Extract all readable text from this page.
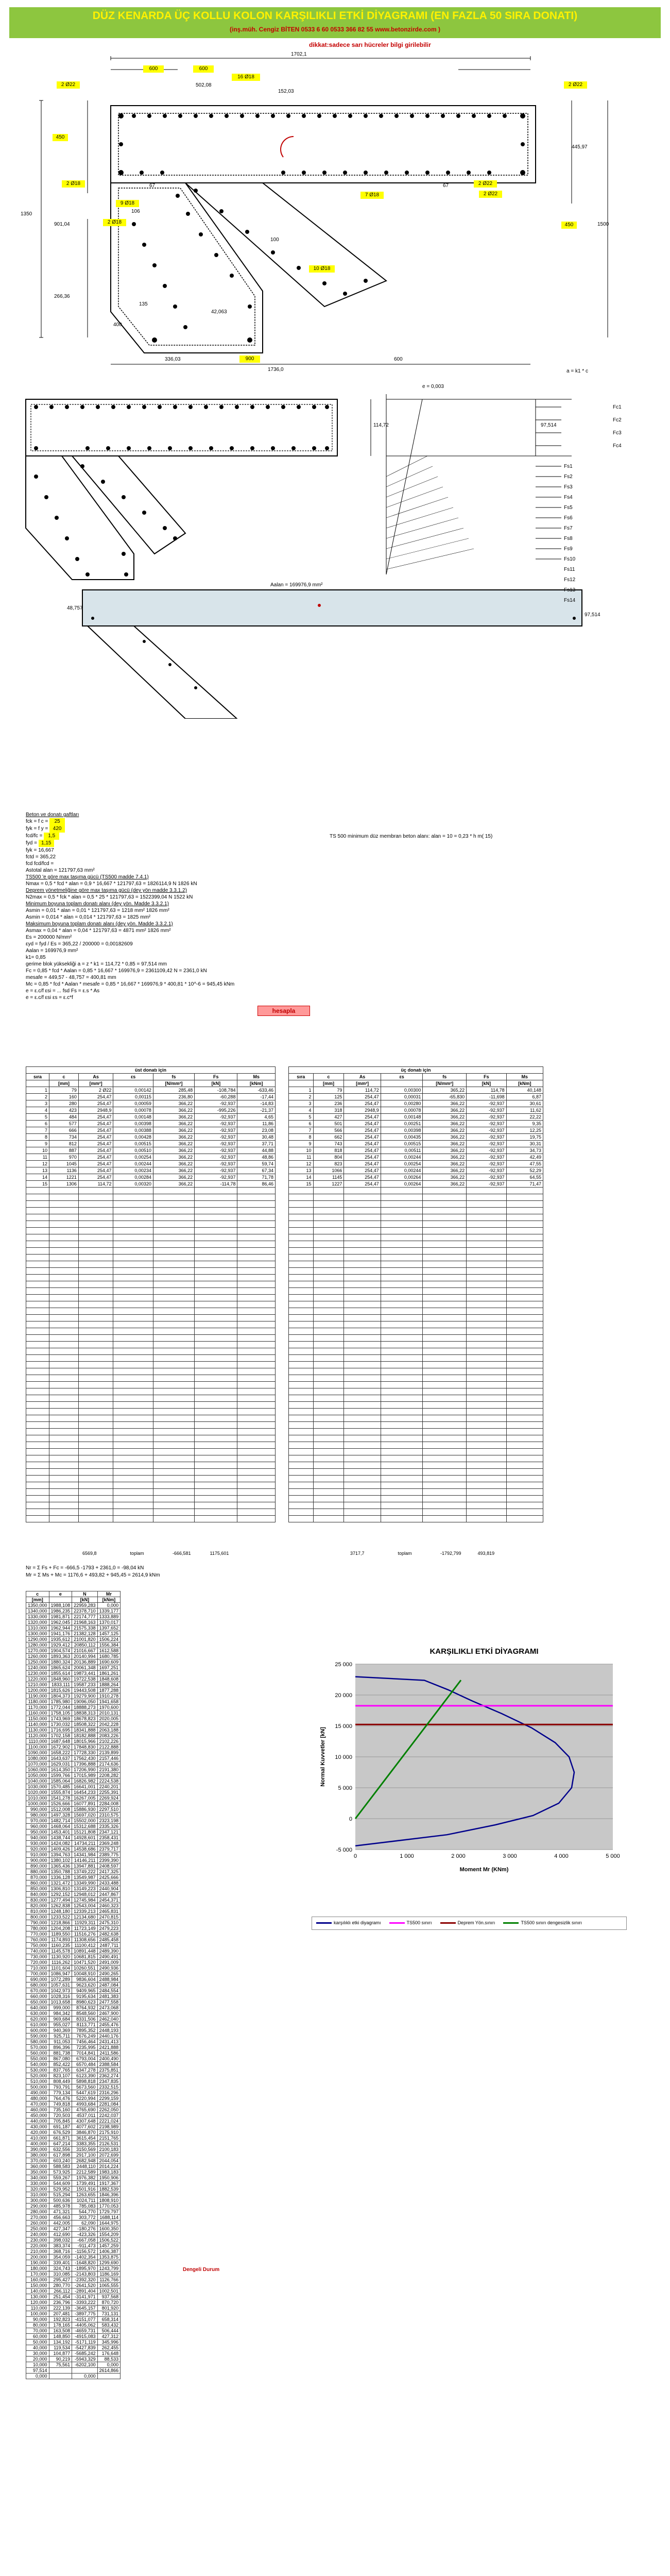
DÜZ KENARDA ÜÇ KOLLU KOLON KARŞILIKLI ETKİ DİYAGRAMI (EN FAZLA 50 SIRA DONATI)
(inş.müh. Cengiz BİTEN 0533 6 60 0533 366 82 55 www.betonzirde.com )
dikkat:sadece sarı hücreler bilgi girilebilir
600	600
16 Ø18
2 Ø22	2 Ø22
502,08
152,03
1702,1
450
1350
901,04
266,36
445,97
450	1500
7 Ø18
2 Ø18
9 Ø18
2 Ø18
10 Ø18
2 Ø22
2 Ø22
67	67
106
100
42,063
135
400
336,03	900	600
1736,0
e = 0,003
a = k1 * c
Fc1
Fc2
Fc3
Fc4
114,72	97,514
Fs1
Fs2
Fs3
Fs4
Fs5
Fs6
Fs7
Fs8
Fs9
Fs10
Fs11
Fs12
Fs13
Fs14
Aalan = 169976,9 mm²
48,757
97,514
Beton ve donatı gaftları
fck = f c = 25
fyk = f y = 420
fcd/fc = 1,5
fyd = 1,15
fyk = 16,667
fctd = 365,22
fcd fcd/fcd =
Astotal alan = 121797,63 mm²
TS500 'e göre max taşıma gücü (TS500 madde 7.4.1)
Nmax = 0,5 * fcd * alan = 0,9 * 16,667 * 121797,63 = 1826114,9 N 1826 kN
Deprem yönetmeliğine göre max taşıma gücü (dey yön madde 3.3.1.2)
N2max = 0,5 * fck * alan = 0,5 * 25 * 121797,63 = 1522399,04 N 1522 kN
Minimum boyuna toplam donatı alanı (dey yön. Madde 3.3.2.1)
Asmin = 0,01 * alan = 0,01 * 121797,63 = 1218 mm² 1826 mm²
Asmin = 0,014 * alan = 0,014 * 121797,63 = 1825 mm²
Maksimum boyuna toplam donatı alanı (dey yön. Madde 3.3.2.1)
Asmax = 0,04 * alan = 0,04 * 121797,63 = 4871 mm² 1826 mm²
Es = 200000 N/mm²
εyd = fyd / Es = 365,22 / 200000 = 0,00182609
Aalan = 169976,9 mm²
k1= 0,85
gerime blok yüksekliği a = z * k1 = 114,72 * 0,85 = 97,514 mm
Fc = 0,85 * fcd * Aalan = 0,85 * 16,667 * 169976,9 = 2361109,42 N = 2361,0 kN
mesafe = 449,57 - 48,757 = 400,81 mm
Mc = 0,85 * fcd * Aalan * mesafe = 0,85 * 16,667 * 169976,9 * 400,81 * 10^-6 = 945,45 kNm
e = ε.c/f εsi = ... fsd Fs = ε.s * As
e = ε.c/f εsi εs = ε.c*f
TS 500 minimum düz membran beton alanı: alan = 10 = 0,23 * h m( 15)
hesapla
üst donatı için						
sıra	c	As	εs	fs	Fs	Ms
	[mm]	[mm²]		[N/mm²]	[kN]	[kNm]
1	79	2 Ø22	0,00142	285,48	-108,784	-633,46
2	160	254,47	0,00115	236,80	-60,288	-17,44
3	280	254,47	0,00059	366,22	-92,937	-14,83
4	423	2948,9	0,00078	366,22	-995,226	-21,37
5	484	254,47	0,00148	366,22	-92,937	4,65
6	577	254,47	0,00398	366,22	-92,937	11,86
7	666	254,47	0,00388	366,22	-92,937	23,08
8	734	254,47	0,00428	366,22	-92,937	30,48
9	812	254,47	0,00515	366,22	-92,937	37,71
10	887	254,47	0,00510	366,22	-92,937	44,88
11	970	254,47	0,00254	366,22	-92,937	48,86
12	1045	254,47	0,00244	366,22	-92,937	59,74
13	1136	254,47	0,00234	366,22	-92,937	67,34
14	1221	254,47	0,00284	366,22	-92,937	71,78
15	1306	114,72	0,00320	366,22	-114,78	86,46

üç donatı için						
sıra	c	As	εs	fs	Fs	Ms
	[mm]	[mm²]		[N/mm²]	[kN]	[kNm]
1	79	114,72	0,00300	365,22	114,78	40,148
2	125	254,47	0,00031	-65,830	-11,698	6,87
3	236	254,47	0,00280	366,22	-92,937	30,61
4	318	2948,9	0,00078	366,22	-92,937	11,62
5	427	254,47	0,00148	366,22	-92,937	22,22
6	501	254,47	0,00251	366,22	-92,937	9,35
7	566	254,47	0,00398	366,22	-92,937	12,25
8	662	254,47	0,00435	366,22	-92,937	19,75
9	743	254,47	0,00515	366,22	-92,937	30,31
10	818	254,47	0,00511	366,22	-92,937	34,73
11	804	254,47	0,00244	366,22	-92,937	42,49
12	823	254,47	0,00254	366,22	-92,937	47,55
13	1066	254,47	0,00244	366,22	-92,937	52,29
14	1145	254,47	0,00264	366,22	-92,937	64,55
15	1227	254,47	0,00264	366,22	-92,937	71,47

6569,8	toplam	-666,581	1175,601	3717,7	toplam	-1792,799	493,819
Nr = Σ Fs + Fc = -666,5 -1793 + 2361,0 = -98,04 kN
Mr = Σ Ms + Mc = 1176,6 + 493,82 + 945,45 = 2614,9 kNm
c	e	N	Mr
[mm]		[kN]	[kNm]
1350,000	1988,108	22959,283	0,000
1340,000	1986,235	22378,710	1339,177
1330,000	1981,871	22174,777	1333,889
1320,000	1962,045	21968,163	1370,017
1310,000	1962,944	21575,338	1397,652
1300,000	1941,176	21382,128	1457,125
1290,000	1935,612	21001,820	1506,224
1280,000	1929,412	20850,112	1556,384
1270,000	1904,574	21016,667	1612,588
1260,000	1893,363	20140,994	1680,785
1250,000	1880,324	20136,889	1690,609
1240,000	1865,624	20061,348	1697,251
1230,000	1855,614	19873,441	1861,261
1220,000	1848,960	19722,538	1848,608
1210,000	1833,111	19587,233	1888,264
1200,000	1815,626	19443,508	1877,288
1190,000	1804,373	19279,900	1910,278
1180,000	1785,980	19096,050	1941,658
1170,000	1772,044	18888,273	1970,600
1160,000	1758,105	18838,313	2010,131
1150,000	1743,969	18678,823	2020,005
1140,000	1730,032	18508,322	2042,228
1130,000	1716,695	18341,888	2063,188
1120,000	1702,158	18182,888	2083,226
1110,000	1687,648	18015,966	2102,226
1100,000	1672,902	17848,830	2122,888
1090,000	1658,222	17728,330	2139,899
1080,000	1643,637	17562,430	2157,446
1070,000	1629,031	17396,888	2174,636
1060,000	1614,350	17206,990	2191,380
1050,000	1599,766	17015,989	2208,282
1040,000	1585,064	16826,982	2224,538
1030,000	1570,485	16641,001	2240,201
1020,000	1555,874	16454,233	2255,391
1010,000	1541,278	16267,005	2269,924
1000,000	1526,666	16077,891	2284,008
990,000	1512,008	15886,930	2297,510
980,000	1497,328	15697,020	2310,575
970,000	1482,714	15502,000	2323,198
960,000	1468,064	15312,688	2335,326
950,000	1453,401	15121,808	2347,121
940,000	1438,744	14928,601	2358,431
930,000	1424,082	14734,211	2369,248
920,000	1409,426	14538,686	2379,717
910,000	1394,763	14341,984	2389,775
900,000	1380,102	14146,211	2399,390
890,000	1365,436	13947,881	2408,597
880,000	1350,788	13749,222	2417,325
870,000	1336,128	13549,987	2425,666
860,000	1321,472	13349,990	2433,488
850,000	1306,810	13149,223	2440,904
840,000	1292,152	12948,012	2447,867
830,000	1277,494	12745,984	2454,371
820,000	1262,838	12543,004	2460,323
810,000	1248,180	12339,213	2465,831
800,000	1233,522	12134,680	2470,815
790,000	1218,866	11929,311	2475,310
780,000	1204,208	11723,149	2479,223
770,000	1189,550	11516,276	2482,638
760,000	1174,893	11308,656	2485,458
750,000	1160,235	11100,412	2487,711
740,000	1145,578	10891,448	2489,390
730,000	1130,920	10681,815	2490,491
720,000	1116,262	10471,520	2491,009
710,000	1101,604	10260,551	2490,936
700,000	1086,947	10048,910	2490,265
690,000	1072,289	9836,604	2488,984
680,000	1057,631	9623,620	2487,084
670,000	1042,973	9409,965	2484,554
660,000	1028,316	9195,634	2481,383
650,000	1013,658	8980,623	2477,558
640,000	999,000	8764,932	2473,068
630,000	984,342	8548,560	2467,900
620,000	969,684	8331,506	2462,040
610,000	955,027	8113,771	2455,476
600,000	940,369	7895,352	2448,193
590,000	925,711	7676,249	2440,176
580,000	911,053	7456,464	2431,413
570,000	896,396	7235,995	2421,888
560,000	881,738	7014,841	2411,586
550,000	867,080	6793,004	2400,490
540,000	852,422	6570,484	2388,584
530,000	837,765	6347,278	2375,851
520,000	823,107	6123,390	2362,274
510,000	808,449	5898,818	2347,835
500,000	793,791	5673,560	2332,515
490,000	779,134	5447,619	2316,296
480,000	764,476	5220,994	2299,159
470,000	749,818	4993,684	2281,084
460,000	735,160	4765,690	2262,050
450,000	720,503	4537,011	2242,037
440,000	705,845	4307,648	2221,024
430,000	691,187	4077,602	2198,989
420,000	676,529	3846,870	2175,910
410,000	661,871	3615,454	2151,765
400,000	647,214	3383,355	2126,531
390,000	632,556	3150,569	2100,183
380,000	617,898	2917,100	2072,699
370,000	603,240	2682,948	2044,054
360,000	588,583	2448,110	2014,224
350,000	573,925	2212,589	1983,183
340,000	559,267	1976,382	1950,906
330,000	544,609	1739,491	1917,367
320,000	529,952	1501,916	1882,539
310,000	515,294	1263,655	1846,396
300,000	500,636	1024,711	1808,910
290,000	485,978	785,083	1770,053
280,000	471,321	544,770	1729,797
270,000	456,663	303,772	1688,114
260,000	442,005	62,090	1644,975
250,000	427,347	-180,276	1600,350
240,000	412,690	-423,326	1554,209
230,000	398,032	-667,058	1506,522
220,000	383,374	-911,473	1457,259
210,000	368,716	-1156,572	1406,387
200,000	354,059	-1402,354	1353,875
190,000	339,401	-1648,820	1299,690
180,000	324,743	-1895,970	1243,799
170,000	310,085	-2143,803	1186,169
160,000	295,427	-2392,320	1126,766
150,000	280,770	-2641,520	1065,555
140,000	266,112	-2891,404	1002,501
130,000	251,454	-3141,971	937,568
120,000	236,796	-3393,222	870,720
110,000	222,139	-3645,157	801,920
100,000	207,481	-3897,775	731,131
90,000	192,823	-4151,077	658,314
80,000	178,165	-4405,062	583,432
70,000	163,508	-4659,731	506,444
60,000	148,850	-4915,083	427,312
50,000	134,192	-5171,119	345,996
40,000	119,534	-5427,839	262,455
30,000	104,877	-5685,242	176,648
20,000	90,219	-5943,329	88,533
10,000	75,561	-6202,100	0,000
97,514			2614,866
0,000		0,000	
Dengeli Durum
25 000
20 000
15 000
10 000
5 000
0
-5 000
0	1 000	2 000	3 000	4 000	5 000
KARŞILIKLI ETKİ DİYAGRAMI
Moment Mr (KNm)
Normal Kuvvetler [kN]
karşılıklı etki diyagramı	TS500 sınırı	Deprem Yön.sınırı	TS500 sınırı dengesizlik sınırı
